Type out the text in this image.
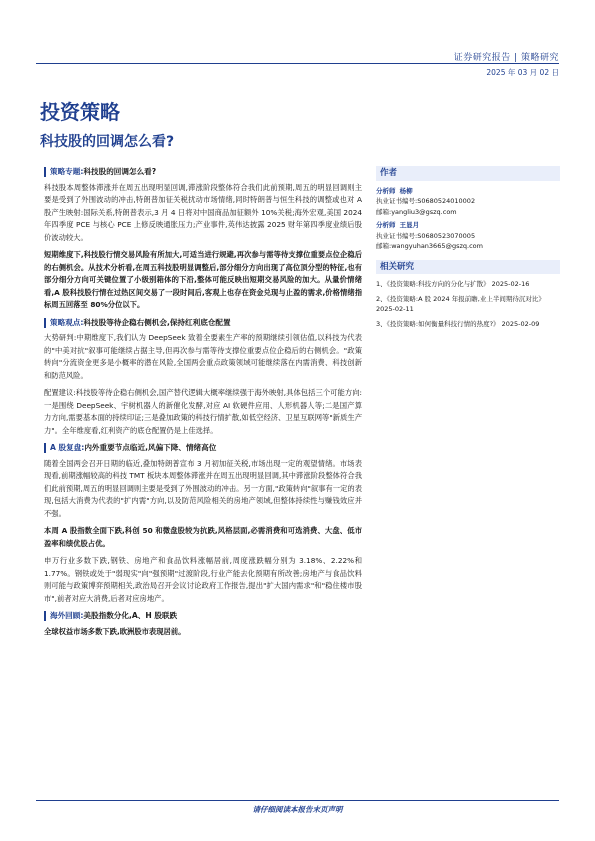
证券研究报告 | 策略研究
2025 年 03 月 02 日
投资策略
科技股的回调怎么看?
策略专题: 科技股的回调怎么看?

科技股本周整体滞涨并在周五出现明显回调,滞涨阶段整体符合我们此前预期,周五的明显回调则主要是受到了外围波动的冲击,特朗普加征关税扰动市场情绪,同时特朗普与恒生科技的调整或也对 A 股产生映射:国际关系,特朗普表示,3 月 4 日将对中国商品加征额外 10%关税;海外宏观,美国 2024 年四季度 PCE 与核心 PCE 上修反映通胀压力;产业事件,英伟达披露 2025 财年第四季度业绩后股价波动较大。

短期维度下,科技股行情交易风险有所加大,可适当进行规避,再次参与需等待支撑位重要点位企稳后的右侧机会。从技术分析看,在周五科技股明显调整后,部分细分方向出现了高位顶分型的特征,也有部分细分方向可关键位置了小级别箱体的下沿,整体可能反映出短期交易风险的加大。从量价情绪看,A 股科技股行情在过热区间交易了一段时间后,客观上也存在资金兑现与止盈的需求,价格情绪指标周五回落至 80%分位以下。

策略观点: 科技股等待企稳右侧机会,保持红利底仓配置

大势研判:中期维度下,我们认为 DeepSeek 致着全要素生产率的预期继续引领估值,以科技为代表的"中美对抗"叙事可能继续占据主导,但再次参与需等待支撑位重要点位企稳后的右侧机会。"政策转向"分流资金更多是小概率的潜在风险,全国两会重点政策领域可能继续落在内需消费、科技创新和防范风险。

配置建议:科技股等待企稳右侧机会,国产替代逻辑大概率继续强于海外映射,具体包括三个可能方向:一是围绕 DeepSeek、宇树机器人的新催化发酵,对应 AI 软硬件应用、人形机器人等;二是国产算力方向,需要基本面的持续印证;三是叠加政策的科技行情扩散,如低空经济、卫星互联网等"新质生产力"。全年维度看,红利资产的底仓配置仍是上佳选择。

A 股复盘: 内外重要节点临近,风偏下降、情绪高位

随着全国两会召开日期的临近,叠加特朗普宣布 3 月初加征关税,市场出现一定的观望情绪。市场表现看,前期涨幅较高的科技 TMT 板块本周整体滞涨并在周五出现明显回调,其中滞涨阶段整体符合我们此前预期,周五的明显回调则主要是受到了外围波动的冲击。另一方面,"政策转向"叙事有一定的表现,包括大消费为代表的"扩内需"方向,以及防范风险相关的房地产领域,但整体持续性与赚钱效应并不强。

本周 A 股指数全面下跌,科创 50 和微盘股较为抗跌,风格层面,必需消费和可选消费、大盘、低市盈率和绩优股占优。

申万行业多数下跌,钢铁、房地产和食品饮料涨幅居前,周度涨跌幅分别为 3.18%、2.22%和 1.77%。钢铁或处于"弱现实"向"强预期"过渡阶段,行业产能去化预期有所改善;房地产与食品饮料则可能与政策博弈预期相关,政治局召开会议讨论政府工作报告,提出"扩大国内需求"和"稳住楼市股市",前者对应大消费,后者对应房地产。

海外回顾: 美股指数分化,A、H 股联跌

全球权益市场多数下跌,欧洲股市表现居前。

作者
分析师 杨柳
执业证书编号:S0680524010002
邮箱:yangliu3@gszq.com
分析师 王显月
执业证书编号:S0680523070005
邮箱:wangyuhan3665@gszq.com
相关研究
1、《投资策略:科技方向的分化与扩散》 2025-02-16
2、《投资策略:A 股 2024 年报前瞻,业上半间期待沉对比》 2025-02-11
3、《投资策略:如何衡量科技行情的热度?》 2025-02-09
请仔细阅读本报告末页声明
